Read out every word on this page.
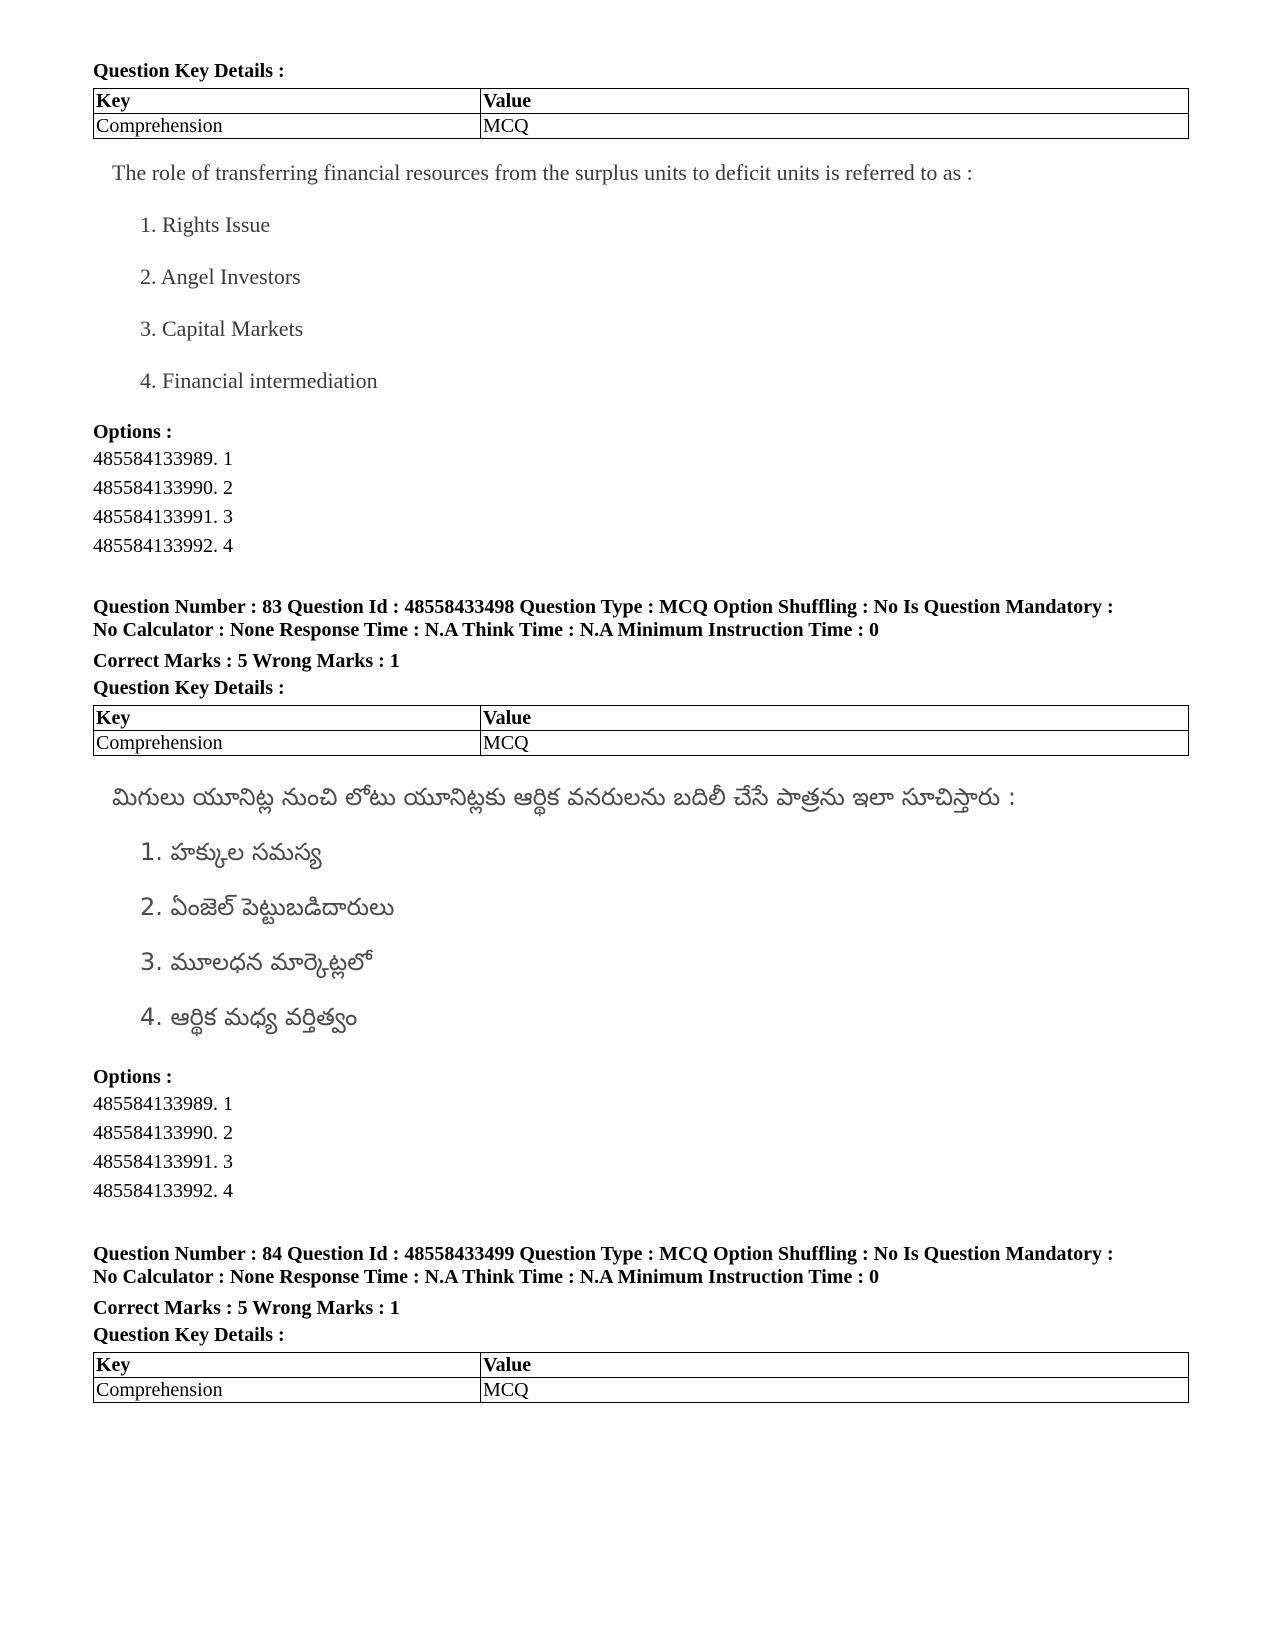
Question Key Details :
Key	Value
Comprehension	MCQ
The role of transferring financial resources from the surplus units to deficit units is referred to as :
1. Rights Issue
2. Angel Investors
3. Capital Markets
4. Financial intermediation
Options :
485584133989. 1
485584133990. 2
485584133991. 3
485584133992. 4
Question Number : 83 Question Id : 48558433498 Question Type : MCQ Option Shuffling : No Is Question Mandatory :
No Calculator : None Response Time : N.A Think Time : N.A Minimum Instruction Time : 0
Correct Marks : 5 Wrong Marks : 1
Question Key Details :
Key	Value
Comprehension	MCQ
మిగులు యూనిట్ల నుంచి లోటు యూనిట్లకు ఆర్థిక వనరులను బదిలీ చేసే పాత్రను ఇలా సూచిస్తారు :
1. హక్కుల సమస్య
2. ఏంజెల్ పెట్టుబడిదారులు
3. మూలధన మార్కెట్లలో
4. ఆర్థిక మధ్య వర్తిత్వం
Options :
485584133989. 1
485584133990. 2
485584133991. 3
485584133992. 4
Question Number : 84 Question Id : 48558433499 Question Type : MCQ Option Shuffling : No Is Question Mandatory :
No Calculator : None Response Time : N.A Think Time : N.A Minimum Instruction Time : 0
Correct Marks : 5 Wrong Marks : 1
Question Key Details :
Key	Value
Comprehension	MCQ
